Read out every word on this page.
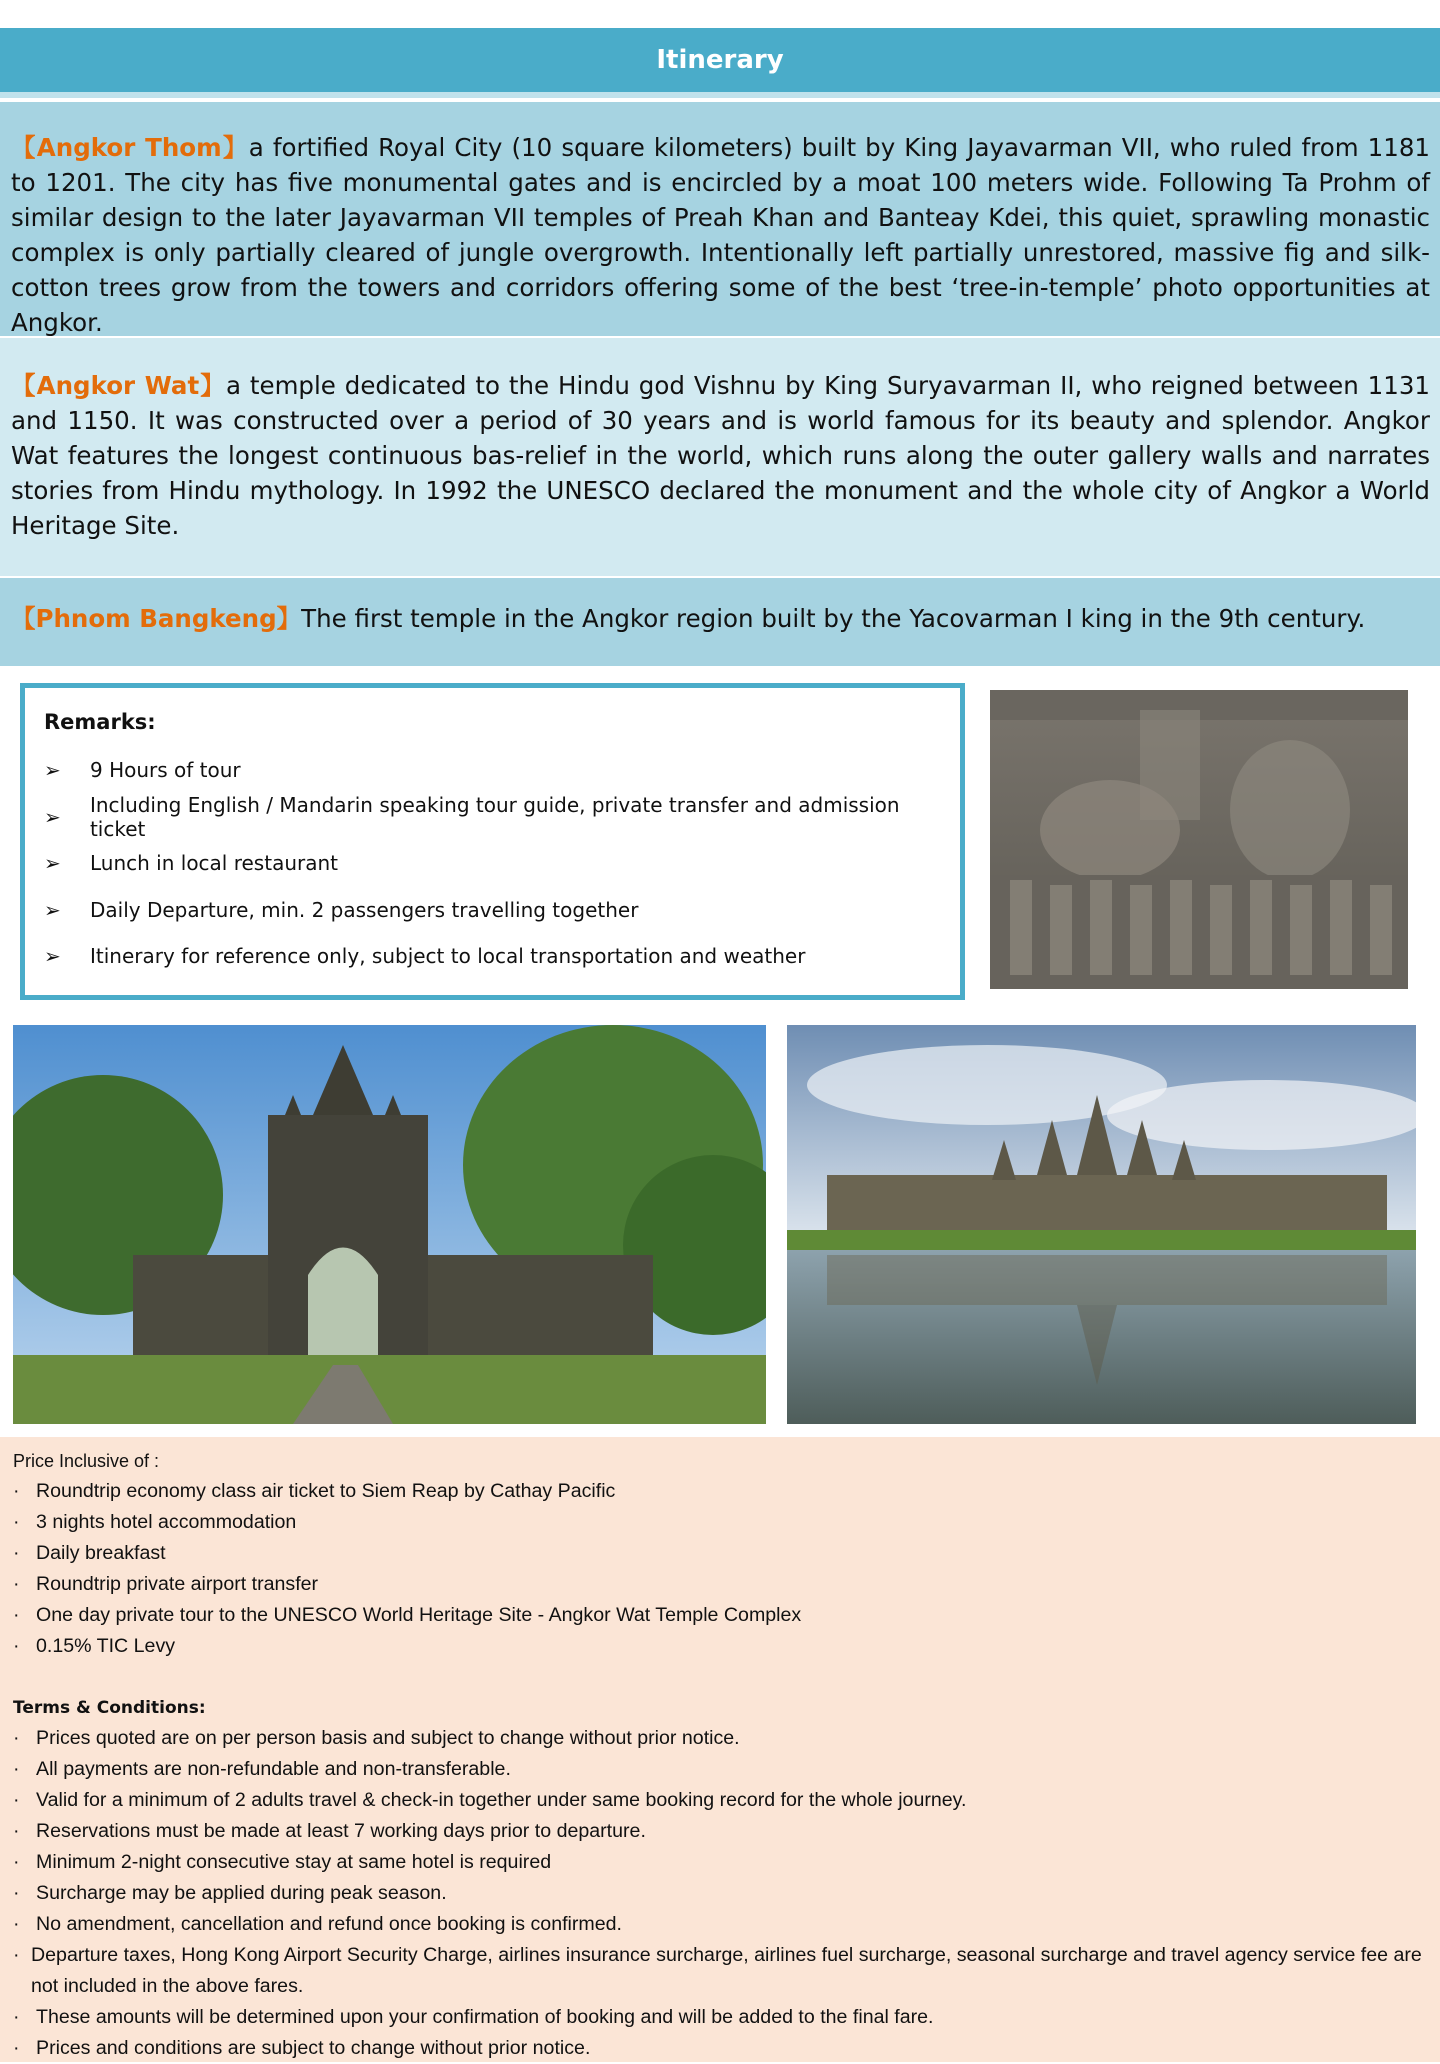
Itinerary
【Angkor Thom】a fortified Royal City (10 square kilometers) built by King Jayavarman VII, who ruled from 1181 to 1201. The city has five monumental gates and is encircled by a moat 100 meters wide. Following Ta Prohm of similar design to the later Jayavarman VII temples of Preah Khan and Banteay Kdei, this quiet, sprawling monastic complex is only partially cleared of jungle overgrowth. Intentionally left partially unrestored, massive fig and silk-cotton trees grow from the towers and corridors offering some of the best ‘tree-in-temple’ photo opportunities at Angkor.
【Angkor Wat】a temple dedicated to the Hindu god Vishnu by King Suryavarman II, who reigned between 1131 and 1150. It was constructed over a period of 30 years and is world famous for its beauty and splendor. Angkor Wat features the longest continuous bas-relief in the world, which runs along the outer gallery walls and narrates stories from Hindu mythology. In 1992 the UNESCO declared the monument and the whole city of Angkor a World Heritage Site.
【Phnom Bangkeng】The first temple in the Angkor region built by the Yacovarman I king in the 9th century.
Remarks:
➢	9 Hours of tour
➢	Including English / Mandarin speaking tour guide, private transfer and admission ticket
➢	Lunch in local restaurant
➢	Daily Departure, min. 2 passengers travelling together
➢	Itinerary for reference only, subject to local transportation and weather
Price Inclusive of :
· Roundtrip economy class air ticket to Siem Reap by Cathay Pacific
· 3 nights hotel accommodation
· Daily breakfast
· Roundtrip private airport transfer
· One day private tour to the UNESCO World Heritage Site - Angkor Wat Temple Complex
· 0.15% TIC Levy
Terms & Conditions:
· Prices quoted are on per person basis and subject to change without prior notice.
· All payments are non-refundable and non-transferable.
· Valid for a minimum of 2 adults travel & check-in together under same booking record for the whole journey.
· Reservations must be made at least 7 working days prior to departure.
· Minimum 2-night consecutive stay at same hotel is required
· Surcharge may be applied during peak season.
· No amendment, cancellation and refund once booking is confirmed.
· Departure taxes, Hong Kong Airport Security Charge, airlines insurance surcharge, airlines fuel surcharge, seasonal surcharge and travel agency service fee are not included in the above fares.
· These amounts will be determined upon your confirmation of booking and will be added to the final fare.
· Prices and conditions are subject to change without prior notice.
